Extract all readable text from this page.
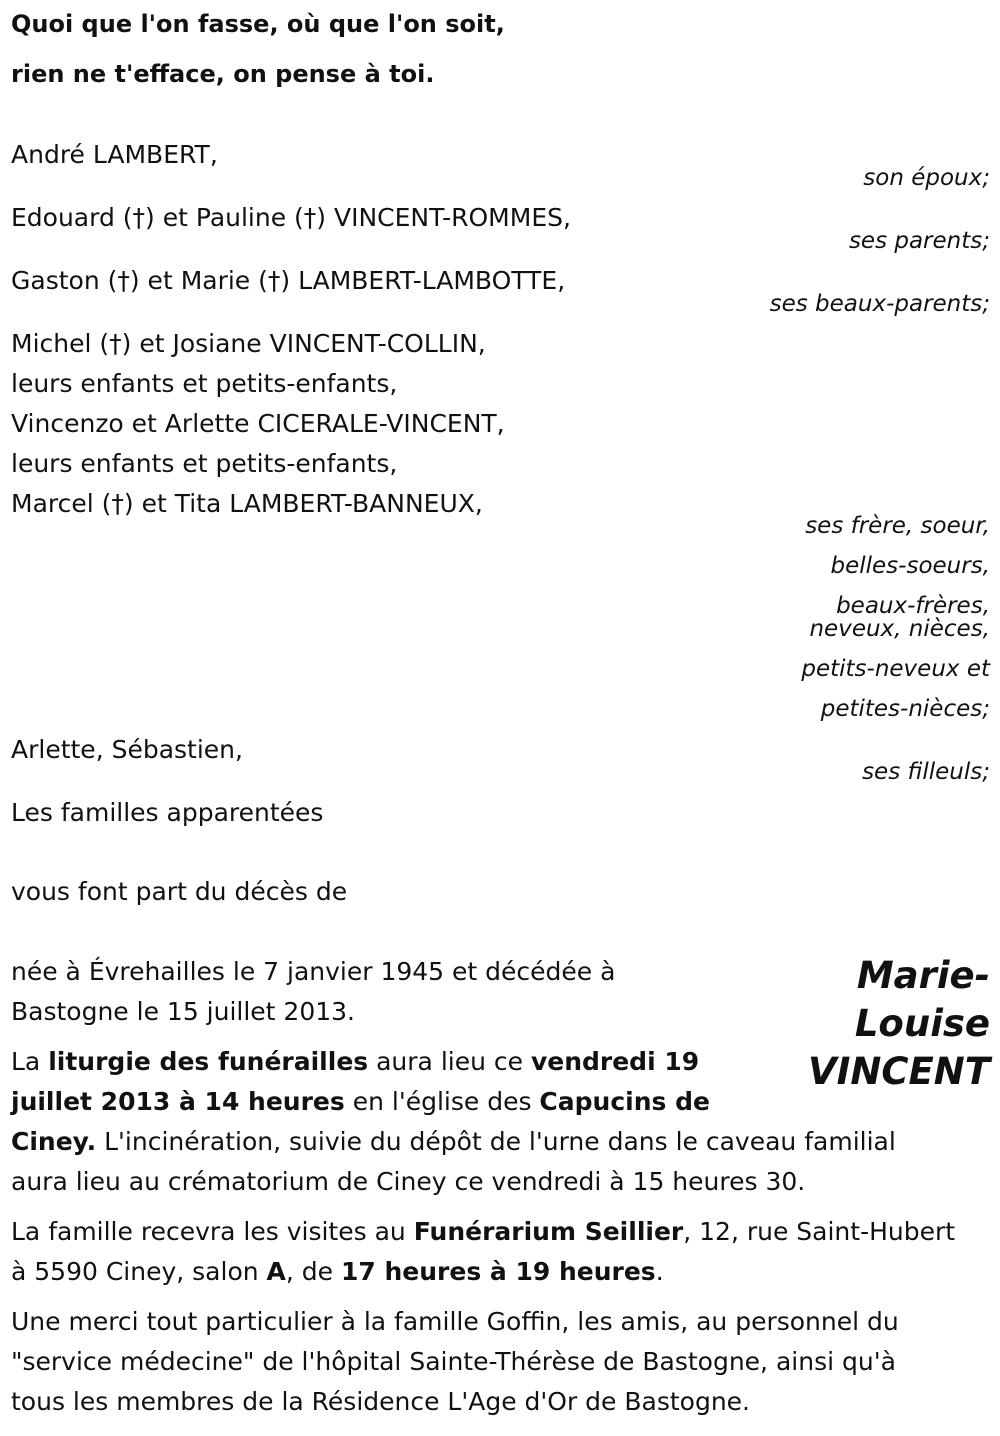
Quoi que l'on fasse, où que l'on soit,
rien ne t'efface, on pense à toi.
André LAMBERT,
son époux;
Edouard (†) et Pauline (†) VINCENT-ROMMES,
ses parents;
Gaston (†) et Marie (†) LAMBERT-LAMBOTTE,
ses beaux-parents;
Michel (†) et Josiane VINCENT-COLLIN,
leurs enfants et petits-enfants,
Vincenzo et Arlette CICERALE-VINCENT,
leurs enfants et petits-enfants,
Marcel (†) et Tita LAMBERT-BANNEUX,
ses frère, soeur,
belles-soeurs,
beaux-frères,
neveux, nièces,
petits-neveux et
petites-nièces;
Arlette, Sébastien,
ses filleuls;
Les familles apparentées
vous font part du décès de
Marie-
Louise
VINCENT
née à Évrehailles le 7 janvier 1945 et décédée à
Bastogne le 15 juillet 2013.
La liturgie des funérailles aura lieu ce vendredi 19
juillet 2013 à 14 heures en l'église des Capucins de
Ciney. L'incinération, suivie du dépôt de l'urne dans le caveau familial
aura lieu au crématorium de Ciney ce vendredi à 15 heures 30.
La famille recevra les visites au Funérarium Seillier, 12, rue Saint-Hubert
à 5590 Ciney, salon A, de 17 heures à 19 heures.
Une merci tout particulier à la famille Goffin, les amis, au personnel du
"service médecine" de l'hôpital Sainte-Thérèse de Bastogne, ainsi qu'à
tous les membres de la Résidence L'Age d'Or de Bastogne.
